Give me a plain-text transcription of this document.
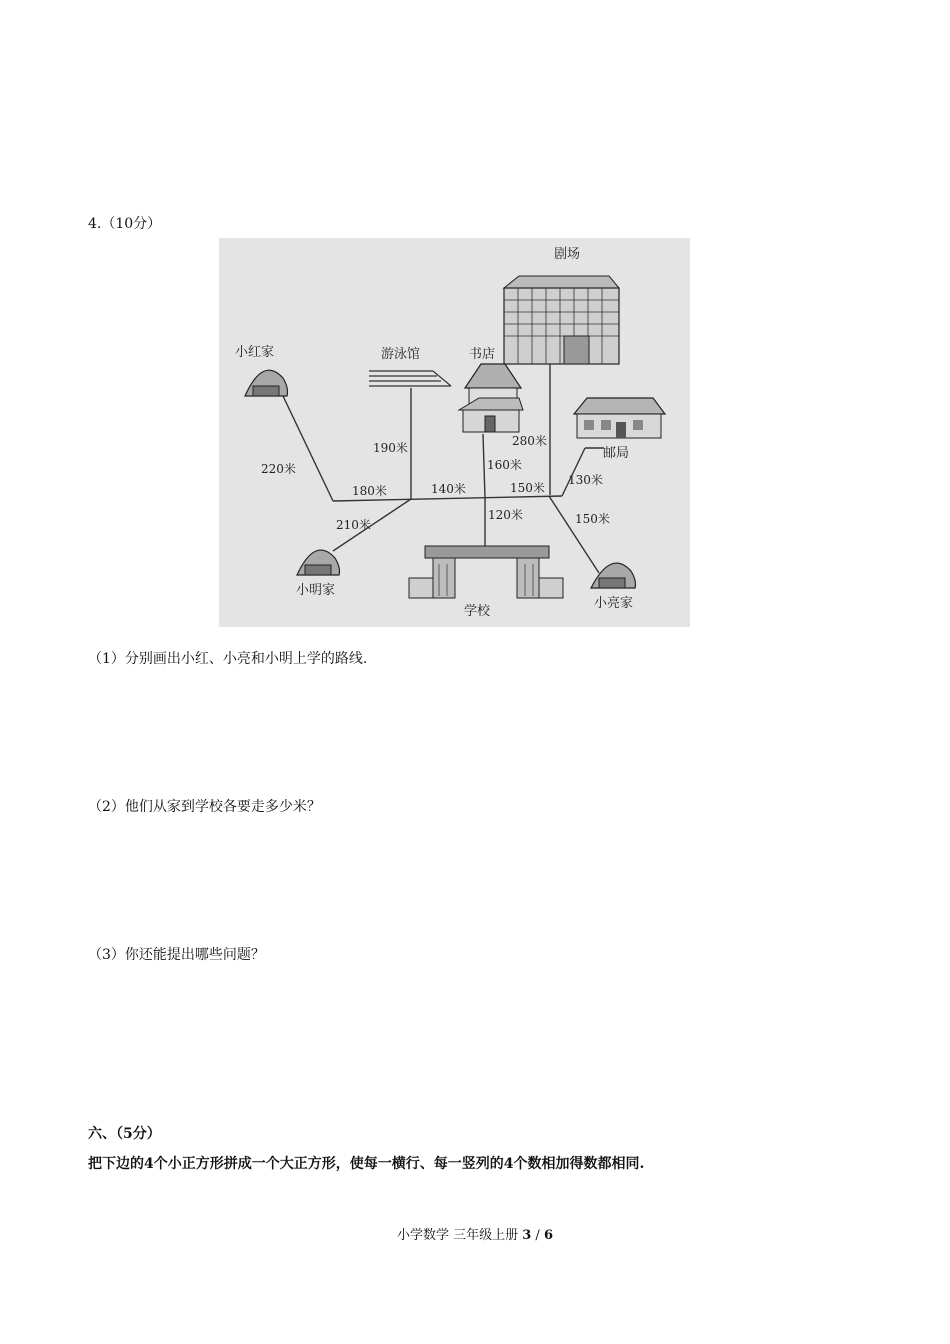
4.（10分）
剧场
小红家	游泳馆	书店
邮局
小明家
学校
小亮家
220米
190米	280米
160米
130米
180米	140米	150米
210米
120米	150米
（1）分别画出小红、小亮和小明上学的路线.
（2）他们从家到学校各要走多少米？
（3）你还能提出哪些问题？
六、（5分）
把下边的4个小正方形拼成一个大正方形，使每一横行、每一竖列的4个数相加得数都相同.
小学数学 三年级上册 3 / 6
